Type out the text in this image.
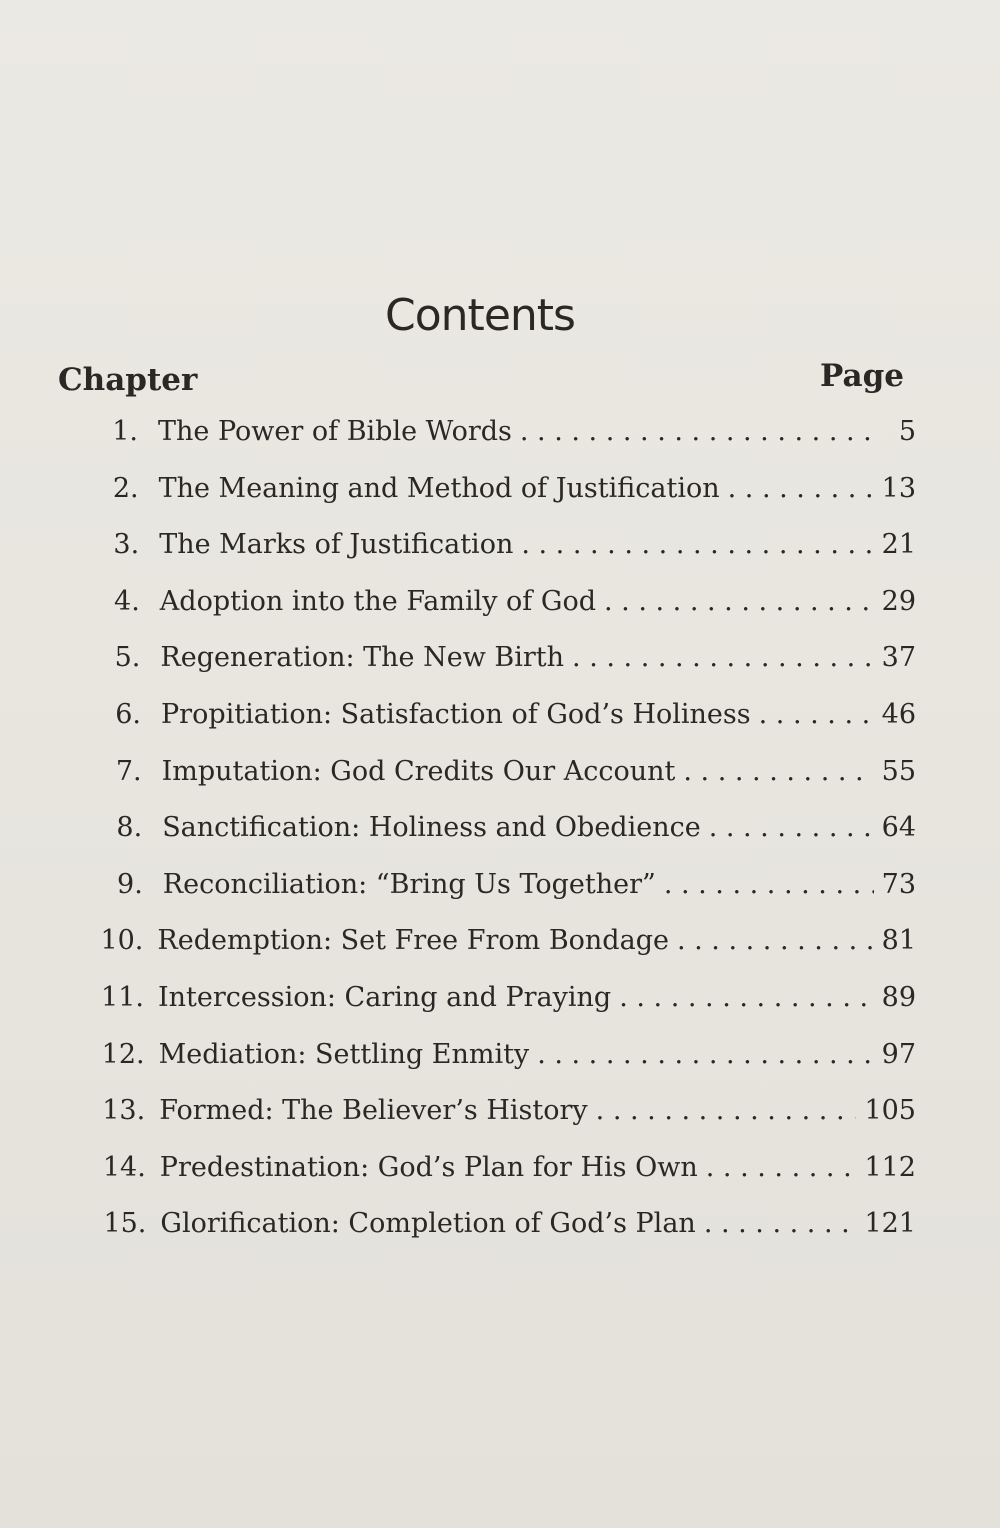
Contents
Chapter	Page
1. The Power of Bible Words . . .	5
2. The Meaning and Method of Justification . . .	13
3. The Marks of Justification . . .	21
4. Adoption into the Family of God . . .	29
5. Regeneration: The New Birth . . .	37
6. Propitiation: Satisfaction of God’s Holiness . . .	46
7. Imputation: God Credits Our Account . . .	55
8. Sanctification: Holiness and Obedience . . .	64
9. Reconciliation: “Bring Us Together” . . .	73
10. Redemption: Set Free From Bondage . . .	81
11. Intercession: Caring and Praying . . .	89
12. Mediation: Settling Enmity . . .	97
13. Formed: The Believer’s History . . .	105
14. Predestination: God’s Plan for His Own . . .	112
15. Glorification: Completion of God’s Plan . . .	121
